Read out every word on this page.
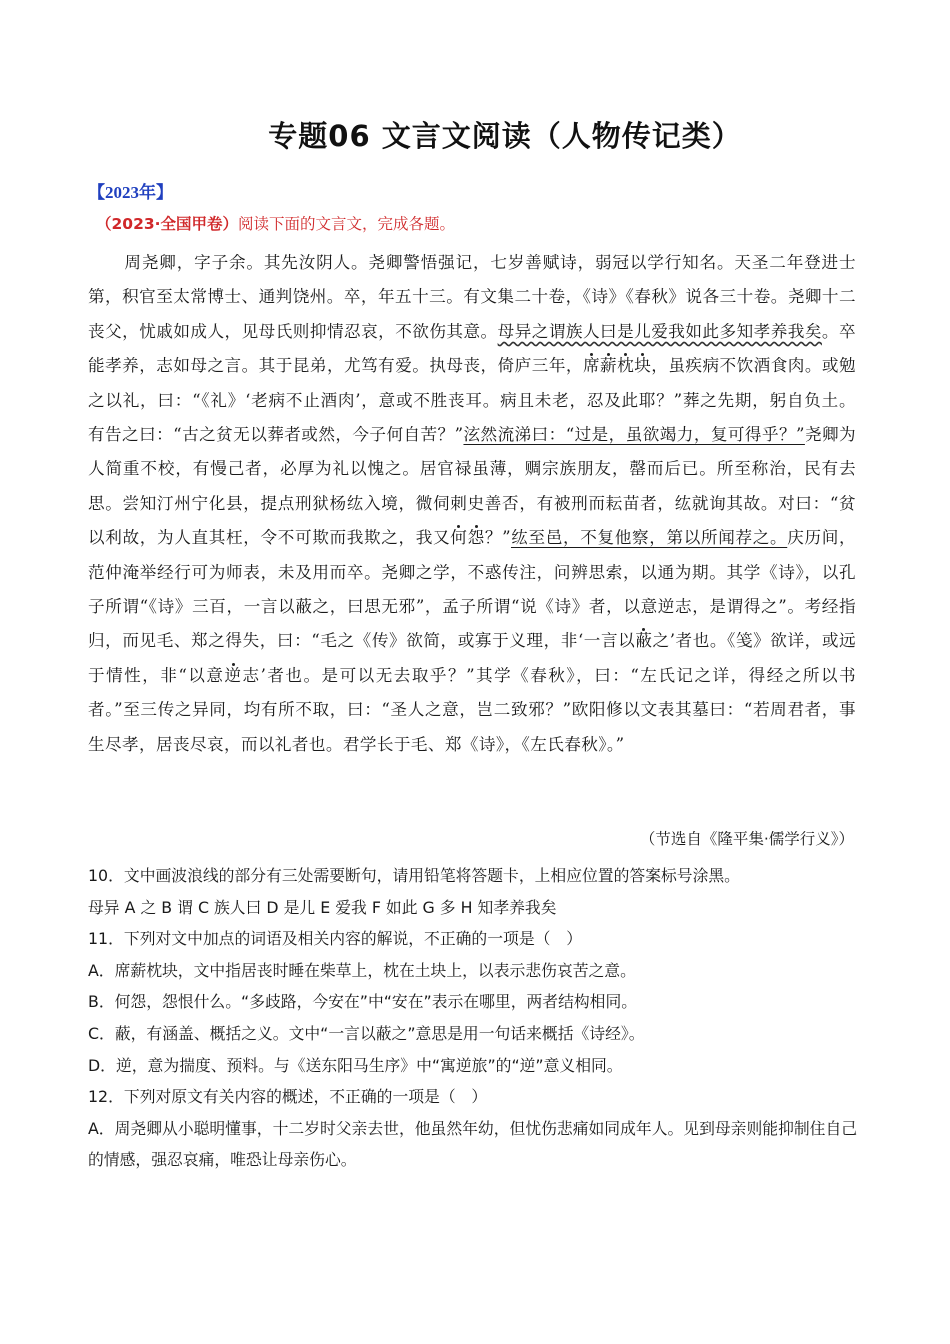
专题06 文言文阅读（人物传记类）
【2023年】
（2023·全国甲卷）阅读下面的文言文，完成各题。
周尧卿，字子余。其先汝阴人。尧卿警悟强记，七岁善赋诗，弱冠以学行知名。天圣二年登进士第，积官至太常博士、通判饶州。卒，年五十三。有文集二十卷，《诗》《春秋》说各三十卷。尧卿十二丧父，忧戚如成人，见母氏则抑情忍哀，不欲伤其意。母异之谓族人曰是儿爱我如此多知孝养我矣。卒能孝养，志如母之言。其于昆弟，尤笃有爱。执母丧，倚庐三年，席薪枕块，虽疾病不饮酒食肉。或勉之以礼，曰：“《礼》‘老病不止酒肉’，意或不胜丧耳。病且未老，忍及此耶？”葬之先期，躬自负土。有告之曰：“古之贫无以葬者或然，今子何自苦？”泫然流涕曰：“过是，虽欲竭力，复可得乎？”尧卿为人简重不校，有慢己者，必厚为礼以愧之。居官禄虽薄，赒宗族朋友，罄而后已。所至称治，民有去思。尝知汀州宁化县，提点刑狱杨纮入境，微伺刺史善否，有被刑而耘苗者，纮就询其故。对曰：“贫以利故，为人直其枉，令不可欺而我欺之，我又何怨？”纮至邑，不复他察，第以所闻荐之。庆历间，范仲淹举经行可为师表，未及用而卒。尧卿之学，不惑传注，问辨思索，以通为期。其学《诗》，以孔子所谓“《诗》三百，一言以蔽之，曰思无邪”，孟子所谓“说《诗》者，以意逆志，是谓得之”。考经指归，而见毛、郑之得失，曰：“毛之《传》欲简，或寡于义理，非‘一言以蔽之’者也。《笺》欲详，或远于情性，非“以意逆志’者也。是可以无去取乎？”其学《春秋》，曰：“左氏记之详，得经之所以书者。”至三传之异同，均有所不取，曰：“圣人之意，岂二致邪？”欧阳修以文表其墓曰：“若周君者，事生尽孝，居丧尽哀，而以礼者也。君学长于毛、郑《诗》，《左氏春秋》。”
（节选自《隆平集·儒学行义》）
10．文中画波浪线的部分有三处需要断句，请用铅笔将答题卡，上相应位置的答案标号涂黑。
母异 A 之 B 谓 C 族人曰 D 是儿 E 爱我 F 如此 G 多 H 知孝养我矣
11．下列对文中加点的词语及相关内容的解说，不正确的一项是（　）
A．席薪枕块，文中指居丧时睡在柴草上，枕在土块上，以表示悲伤哀苦之意。
B．何怨，怨恨什么。“多歧路，今安在”中“安在”表示在哪里，两者结构相同。
C．蔽，有涵盖、概括之义。文中“一言以蔽之”意思是用一句话来概括《诗经》。
D．逆，意为揣度、预料。与《送东阳马生序》中“寓逆旅”的“逆”意义相同。
12．下列对原文有关内容的概述，不正确的一项是（　）
A．周尧卿从小聪明懂事，十二岁时父亲去世，他虽然年幼，但忧伤悲痛如同成年人。见到母亲则能抑制住自己的情感，强忍哀痛，唯恐让母亲伤心。
